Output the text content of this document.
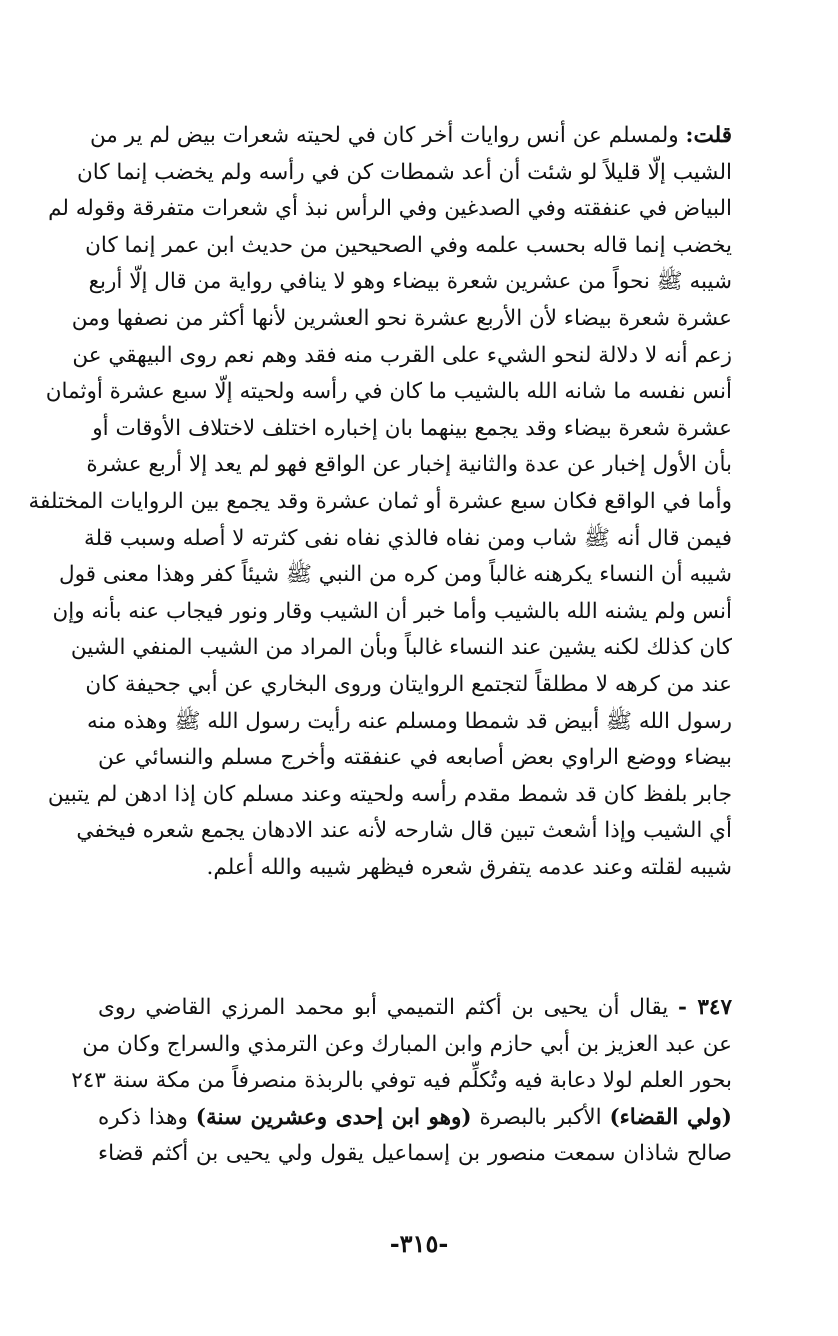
قلت: ولمسلم عن أنس روايات أخر كان في لحيته شعرات بيض لم ير من
الشيب إلّا قليلاً لو شئت أن أعد شمطات كن في رأسه ولم يخضب إنما كان
البياض في عنفقته وفي الصدغين وفي الرأس نبذ أي شعرات متفرقة وقوله لم
يخضب إنما قاله بحسب علمه وفي الصحيحين من حديث ابن عمر إنما كان
شيبه ﷺ نحواً من عشرين شعرة بيضاء وهو لا ينافي رواية من قال إلّا أربع
عشرة شعرة بيضاء لأن الأربع عشرة نحو العشرين لأنها أكثر من نصفها ومن
زعم أنه لا دلالة لنحو الشيء على القرب منه فقد وهم نعم روى البيهقي عن
أنس نفسه ما شانه الله بالشيب ما كان في رأسه ولحيته إلّا سبع عشرة أوثمان
عشرة شعرة بيضاء وقد يجمع بينهما بان إخباره اختلف لاختلاف الأوقات أو
بأن الأول إخبار عن عدة والثانية إخبار عن الواقع فهو لم يعد إلا أربع عشرة
وأما في الواقع فكان سبع عشرة أو ثمان عشرة وقد يجمع بين الروايات المختلفة
فيمن قال أنه ﷺ شاب ومن نفاه فالذي نفاه نفى كثرته لا أصله وسبب قلة
شيبه أن النساء يكرهنه غالباً ومن كره من النبي ﷺ شيئاً كفر وهذا معنى قول
أنس ولم يشنه الله بالشيب وأما خبر أن الشيب وقار ونور فيجاب عنه بأنه وإن
كان كذلك لكنه يشين عند النساء غالباً وبأن المراد من الشيب المنفي الشين
عند من كرهه لا مطلقاً لتجتمع الروايتان وروى البخاري عن أبي جحيفة كان
رسول الله ﷺ أبيض قد شمطا ومسلم عنه رأيت رسول الله ﷺ وهذه منه
بيضاء ووضع الراوي بعض أصابعه في عنفقته وأخرج مسلم والنسائي عن
جابر بلفظ كان قد شمط مقدم رأسه ولحيته وعند مسلم كان إذا ادهن لم يتبين
أي الشيب وإذا أشعث تبين قال شارحه لأنه عند الادهان يجمع شعره فيخفي
شيبه لقلته وعند عدمه يتفرق شعره فيظهر شيبه والله أعلم.
٣٤٧ - يقال أن يحيى بن أكثم التميمي أبو محمد المرزي القاضي روى
عن عبد العزيز بن أبي حازم وابن المبارك وعن الترمذي والسراج وكان من
بحور العلم لولا دعابة فيه وتُكلِّم فيه توفي بالربذة منصرفاً من مكة سنة ٢٤٣
(ولي القضاء) الأكبر بالبصرة (وهو ابن إحدى وعشرين سنة) وهذا ذكره
صالح شاذان سمعت منصور بن إسماعيل يقول ولي يحيى بن أكثم قضاء
-٣١٥-
